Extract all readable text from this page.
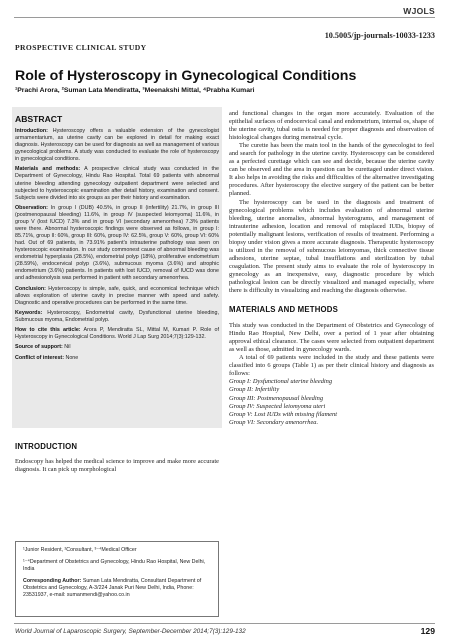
WJOLS
10.5005/jp-journals-10033-1233
PROSPECTIVE CLINICAL STUDY
Role of Hysteroscopy in Gynecological Conditions
¹Prachi Arora, ²Suman Lata Mendiratta, ³Meenakshi Mittal, ⁴Prabha Kumari
ABSTRACT

Introduction: Hysteroscopy offers a valuable extension of the gynecologist armamentarium, as uterine cavity can be explored in detail for making exact diagnosis. Hysteroscopy can be used for diagnosis as well as management of various gynecological problems. A study was conducted to evaluate the role of hysteroscopy in gynecological conditions.

Materials and methods: A prospective clinical study was conducted in the Department of Gynecology, Hindu Rao Hospital. Total 69 patients with abnormal uterine bleeding attending gynecology outpatient department were selected and subjected to hysteroscopic examination after detail history, examination and consent. Subjects were divided into six groups as per their history and examination.

Observation: In group I (DUB) 40.5%, in group II (infertility) 21.7%, in group III (postmenopausal bleeding) 11.6%, in group IV (suspected leiomyoma) 11.6%, in group V (lost IUCD) 7.3% and in group VI (secondary amenorrhea) 7.3% patients were there. Abnormal hysteroscopic findings were observed as follows, in group I: 85.71%, group II: 60%, group III: 60%, group IV: 62.5%, group V: 60%, group VI: 60% had. Out of 69 patients, in 73.91% patient's intrauterine pathology was seen on hysteroscopic examination. In our study commonest cause of abnormal bleeding was endometrial hyperplasia (28.5%), endometrial polyp (18%), proliferative endometrium (28.59%), endocervical polyp (3.6%), submucous myoma (3.6%) and atrophic endometrium (3.6%) patients. In patients with lost IUCD, removal of IUCD was done and adhesionolysis was performed in patient with secondary amenorrhea.

Conclusion: Hysteroscopy is simple, safe, quick, and economical technique which allows exploration of uterine cavity in precise manner with speed and safety. Diagnostic and operative procedures can be performed in the same time.

Keywords: Hysteroscopy, Endometrial cavity, Dysfunctional uterine bleeding, Submucous myoma, Endometrial polyp.

How to cite this article: Arora P, Mendiratta SL, Mittal M, Kumari P. Role of Hysteroscopy in Gynecological Conditions. World J Lap Surg 2014;7(3):129-132.

Source of support: Nil

Conflict of interest: None

INTRODUCTION

Endoscopy has helped the medical science to improve and make more accurate diagnosis. It can pick up morphological

¹Junior Resident, ²Consultant, ³⁻⁴Medical Officer

¹⁻⁴Department of Obstetrics and Gynecology, Hindu Rao Hospital, New Delhi, India

Corresponding Author: Suman Lata Mendiratta, Consultant Department of Obstetrics and Gynecology, A-3/224 Janak Puri New Delhi, India, Phone: 23531937, e-mail: sumanmendi@yahoo.co.in

and functional changes in the organ more accurately. Evaluation of the epithelial surfaces of endocervical canal and endometrium, internal os, shape of the uterine cavity, tubal ostia is needed for proper diagnosis and observation of histological changes during menstrual cycle.

The curette has been the main tool in the hands of the gynecologist to feel and search for pathology in the uterine cavity. Hysteroscopy can be considered as a perfected curettage which can see and decide, because the uterine cavity can be observed and the area in question can be curettaged under direct vision. It also helps in avoiding the risks and difficulties of the alternative investigating procedures. After hysteroscopy the elective surgery of the patient can be better planned.

The hysteroscopy can be used in the diagnosis and treatment of gynecological problems which includes evaluation of abnormal uterine bleeding, uterine anomalies, abnormal hysterograms, and management of intrauterine adhesion, location and removal of misplaced IUDs, biopsy of potentially malignant lesions, verification of results of treatment. Performing a biopsy under vision gives a more accurate diagnosis. Therapeutic hysteroscopy is utilized in the removal of submucous leiomyomas, thick connective tissue adhesions, uterine septae, tubal insufflations and sterilization by tubal coagulation. The present study aims to evaluate the role of hysteroscopy in gynecology as an inexpensive, easy, diagnostic procedure by which pathological lesion can be directly visualized and managed especially, where there is difficulty in visualizing and reaching the diagnosis otherwise.

MATERIALS AND METHODS

This study was conducted in the Department of Obstetrics and Gynecology of Hindu Rao Hospital, New Delhi, over a period of 1 year after obtaining approval ethical clearance. The cases were selected from outpatient department as well as those, admitted in gynecology wards.

A total of 69 patients were included in the study and these patients were classified into 6 groups (Table 1) as per their clinical history and diagnosis as follows:

Group I: Dysfunctional uterine bleeding
Group II: Infertility
Group III: Postmenopausal bleeding
Group IV: Suspected leiomyoma uteri
Group V: Lost IUDs with missing filament
Group VI: Secondary amenorrhea.
World Journal of Laparoscopic Surgery, September-December 2014;7(3):129-132	129
